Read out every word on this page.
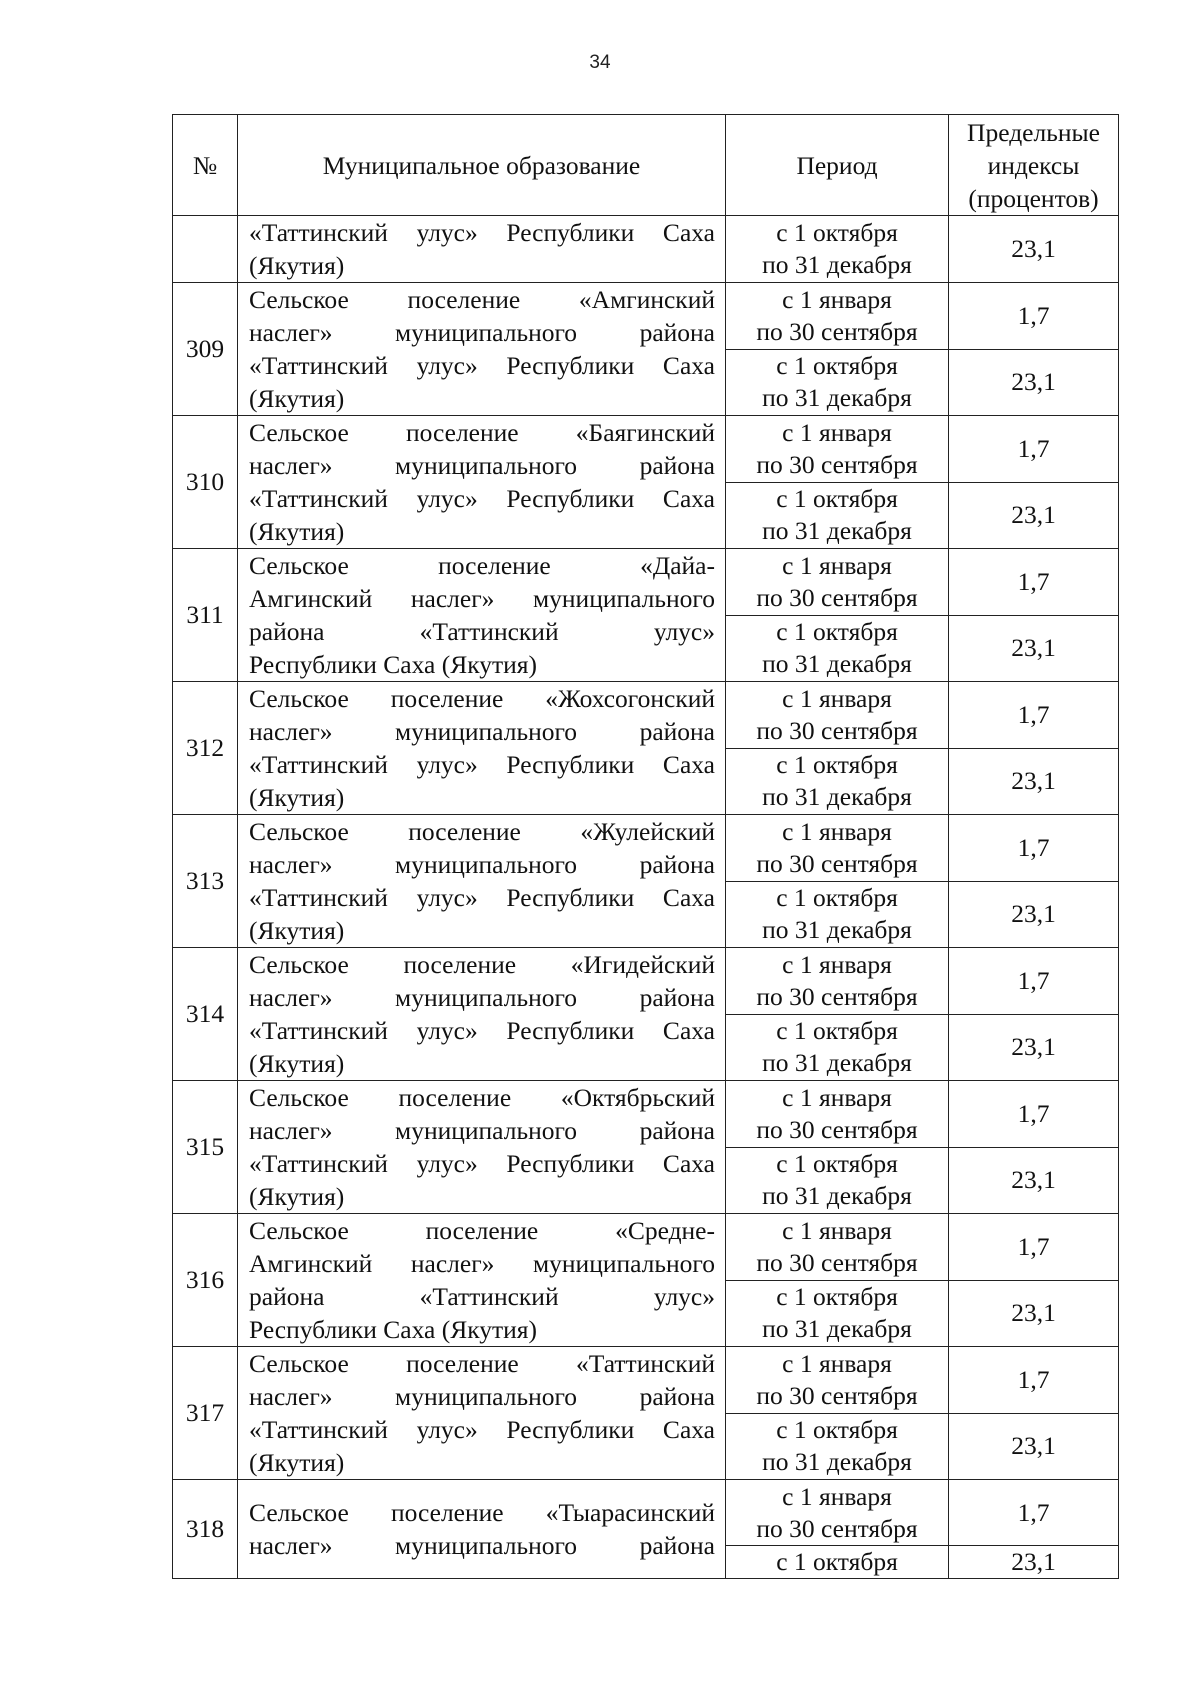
34
№	Муниципальное образование	Период	Предельные
индексы
(процентов)

	«Таттинский улус» Республики Саха
(Якутия)	с 1 октября
по 31 декабря	23,1
309	Сельское поселение «Амгинский
наслег» муниципального района
«Таттинский улус» Республики Саха
(Якутия)	с 1 января
по 30 сентября	1,7

		с 1 октября
по 31 декабря	23,1
310	Сельское поселение «Баягинский
наслег» муниципального района
«Таттинский улус» Республики Саха
(Якутия)	с 1 января
по 30 сентября	1,7

		с 1 октября
по 31 декабря	23,1
311	Сельское поселение «Дайа-
Амгинский наслег» муниципального
района «Таттинский улус»
Республики Саха (Якутия)	с 1 января
по 30 сентября	1,7

		с 1 октября
по 31 декабря	23,1
312	Сельское поселение «Жохсогонский
наслег» муниципального района
«Таттинский улус» Республики Саха
(Якутия)	с 1 января
по 30 сентября	1,7

		с 1 октября
по 31 декабря	23,1
313	Сельское поселение «Жулейский
наслег» муниципального района
«Таттинский улус» Республики Саха
(Якутия)	с 1 января
по 30 сентября	1,7

		с 1 октября
по 31 декабря	23,1
314	Сельское поселение «Игидейский
наслег» муниципального района
«Таттинский улус» Республики Саха
(Якутия)	с 1 января
по 30 сентября	1,7

		с 1 октября
по 31 декабря	23,1
315	Сельское поселение «Октябрьский
наслег» муниципального района
«Таттинский улус» Республики Саха
(Якутия)	с 1 января
по 30 сентября	1,7

		с 1 октября
по 31 декабря	23,1
316	Сельское поселение «Средне-
Амгинский наслег» муниципального
района «Таттинский улус»
Республики Саха (Якутия)	с 1 января
по 30 сентября	1,7

		с 1 октября
по 31 декабря	23,1
317	Сельское поселение «Таттинский
наслег» муниципального района
«Таттинский улус» Республики Саха
(Якутия)	с 1 января
по 30 сентября	1,7

		с 1 октября
по 31 декабря	23,1
318	Сельское поселение «Тыарасинский
наслег» муниципального района	с 1 января
по 30 сентября	1,7

		с 1 октября	23,1
